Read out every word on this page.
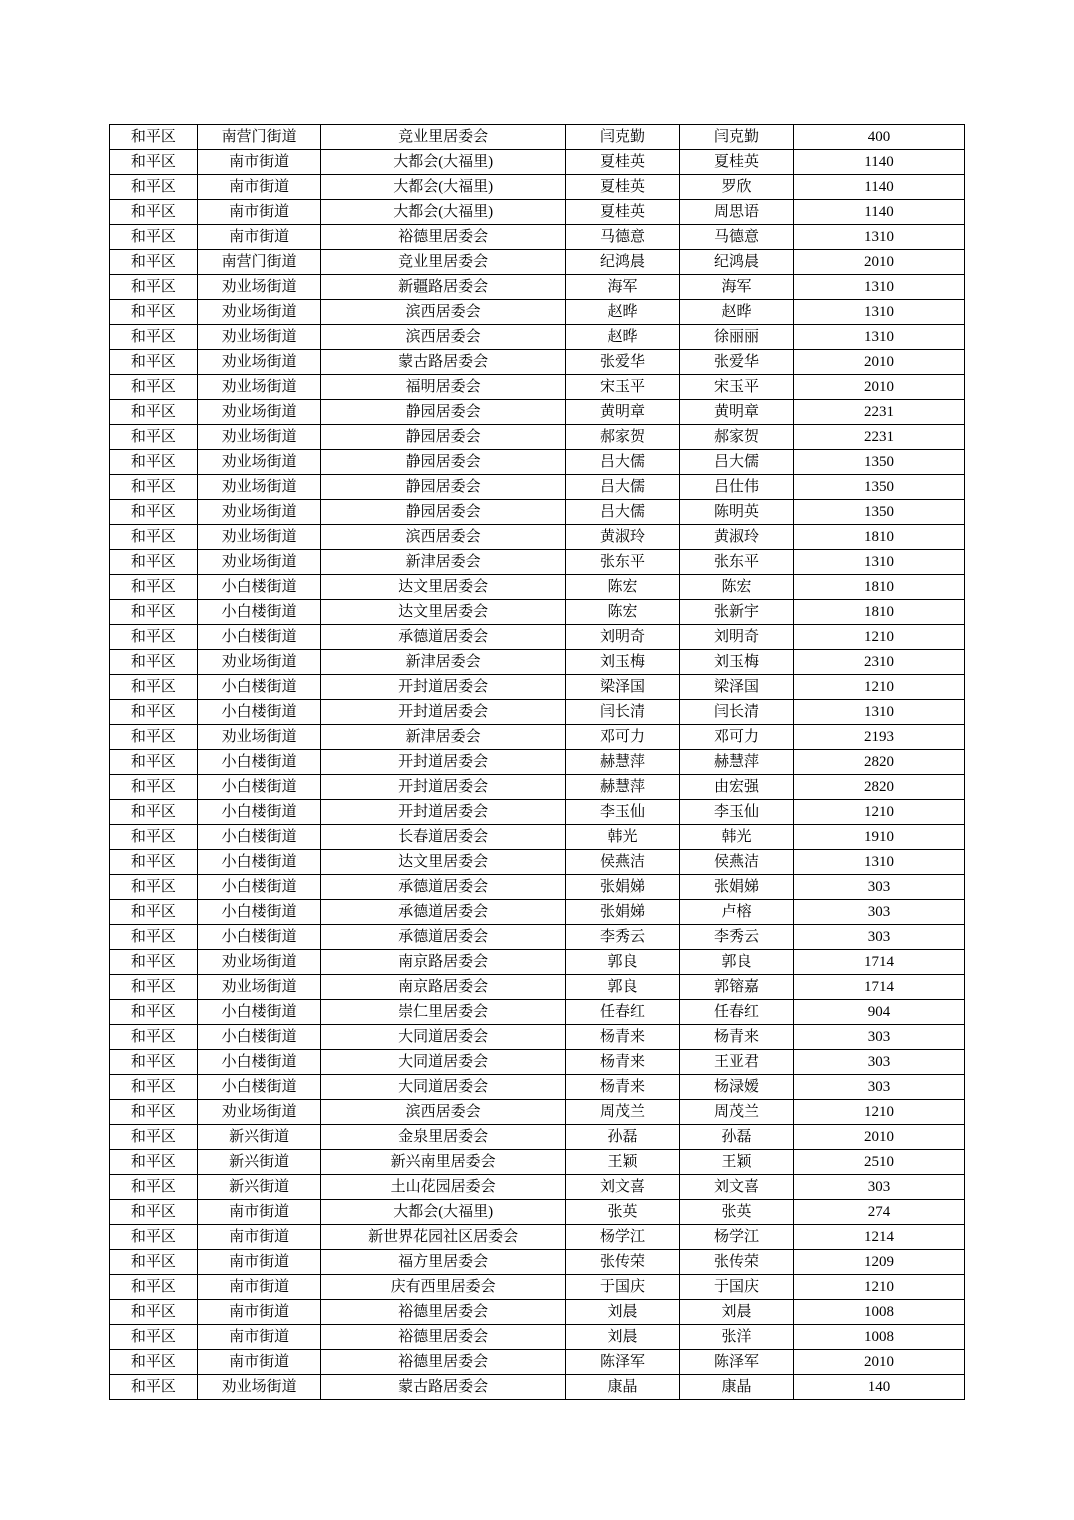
和平区	南营门街道	竞业里居委会	闫克勤	闫克勤	400
和平区	南市街道	大都会(大福里)	夏桂英	夏桂英	1140
和平区	南市街道	大都会(大福里)	夏桂英	罗欣	1140
和平区	南市街道	大都会(大福里)	夏桂英	周思语	1140
和平区	南市街道	裕德里居委会	马德意	马德意	1310
和平区	南营门街道	竞业里居委会	纪鸿晨	纪鸿晨	2010
和平区	劝业场街道	新疆路居委会	海军	海军	1310
和平区	劝业场街道	滨西居委会	赵晔	赵晔	1310
和平区	劝业场街道	滨西居委会	赵晔	徐丽丽	1310
和平区	劝业场街道	蒙古路居委会	张爱华	张爱华	2010
和平区	劝业场街道	福明居委会	宋玉平	宋玉平	2010
和平区	劝业场街道	静园居委会	黄明章	黄明章	2231
和平区	劝业场街道	静园居委会	郝家贺	郝家贺	2231
和平区	劝业场街道	静园居委会	吕大儒	吕大儒	1350
和平区	劝业场街道	静园居委会	吕大儒	吕仕伟	1350
和平区	劝业场街道	静园居委会	吕大儒	陈明英	1350
和平区	劝业场街道	滨西居委会	黄淑玲	黄淑玲	1810
和平区	劝业场街道	新津居委会	张东平	张东平	1310
和平区	小白楼街道	达文里居委会	陈宏	陈宏	1810
和平区	小白楼街道	达文里居委会	陈宏	张新宇	1810
和平区	小白楼街道	承德道居委会	刘明奇	刘明奇	1210
和平区	劝业场街道	新津居委会	刘玉梅	刘玉梅	2310
和平区	小白楼街道	开封道居委会	梁泽国	梁泽国	1210
和平区	小白楼街道	开封道居委会	闫长清	闫长清	1310
和平区	劝业场街道	新津居委会	邓可力	邓可力	2193
和平区	小白楼街道	开封道居委会	赫慧萍	赫慧萍	2820
和平区	小白楼街道	开封道居委会	赫慧萍	由宏强	2820
和平区	小白楼街道	开封道居委会	李玉仙	李玉仙	1210
和平区	小白楼街道	长春道居委会	韩光	韩光	1910
和平区	小白楼街道	达文里居委会	侯燕洁	侯燕洁	1310
和平区	小白楼街道	承德道居委会	张娟娣	张娟娣	303
和平区	小白楼街道	承德道居委会	张娟娣	卢榕	303
和平区	小白楼街道	承德道居委会	李秀云	李秀云	303
和平区	劝业场街道	南京路居委会	郭良	郭良	1714
和平区	劝业场街道	南京路居委会	郭良	郭镕嘉	1714
和平区	小白楼街道	崇仁里居委会	任春红	任春红	904
和平区	小白楼街道	大同道居委会	杨青来	杨青来	303
和平区	小白楼街道	大同道居委会	杨青来	王亚君	303
和平区	小白楼街道	大同道居委会	杨青来	杨渌嫒	303
和平区	劝业场街道	滨西居委会	周茂兰	周茂兰	1210
和平区	新兴街道	金泉里居委会	孙磊	孙磊	2010
和平区	新兴街道	新兴南里居委会	王颖	王颖	2510
和平区	新兴街道	土山花园居委会	刘文喜	刘文喜	303
和平区	南市街道	大都会(大福里)	张英	张英	274
和平区	南市街道	新世界花园社区居委会	杨学江	杨学江	1214
和平区	南市街道	福方里居委会	张传荣	张传荣	1209
和平区	南市街道	庆有西里居委会	于国庆	于国庆	1210
和平区	南市街道	裕德里居委会	刘晨	刘晨	1008
和平区	南市街道	裕德里居委会	刘晨	张洋	1008
和平区	南市街道	裕德里居委会	陈泽军	陈泽军	2010
和平区	劝业场街道	蒙古路居委会	康晶	康晶	140
